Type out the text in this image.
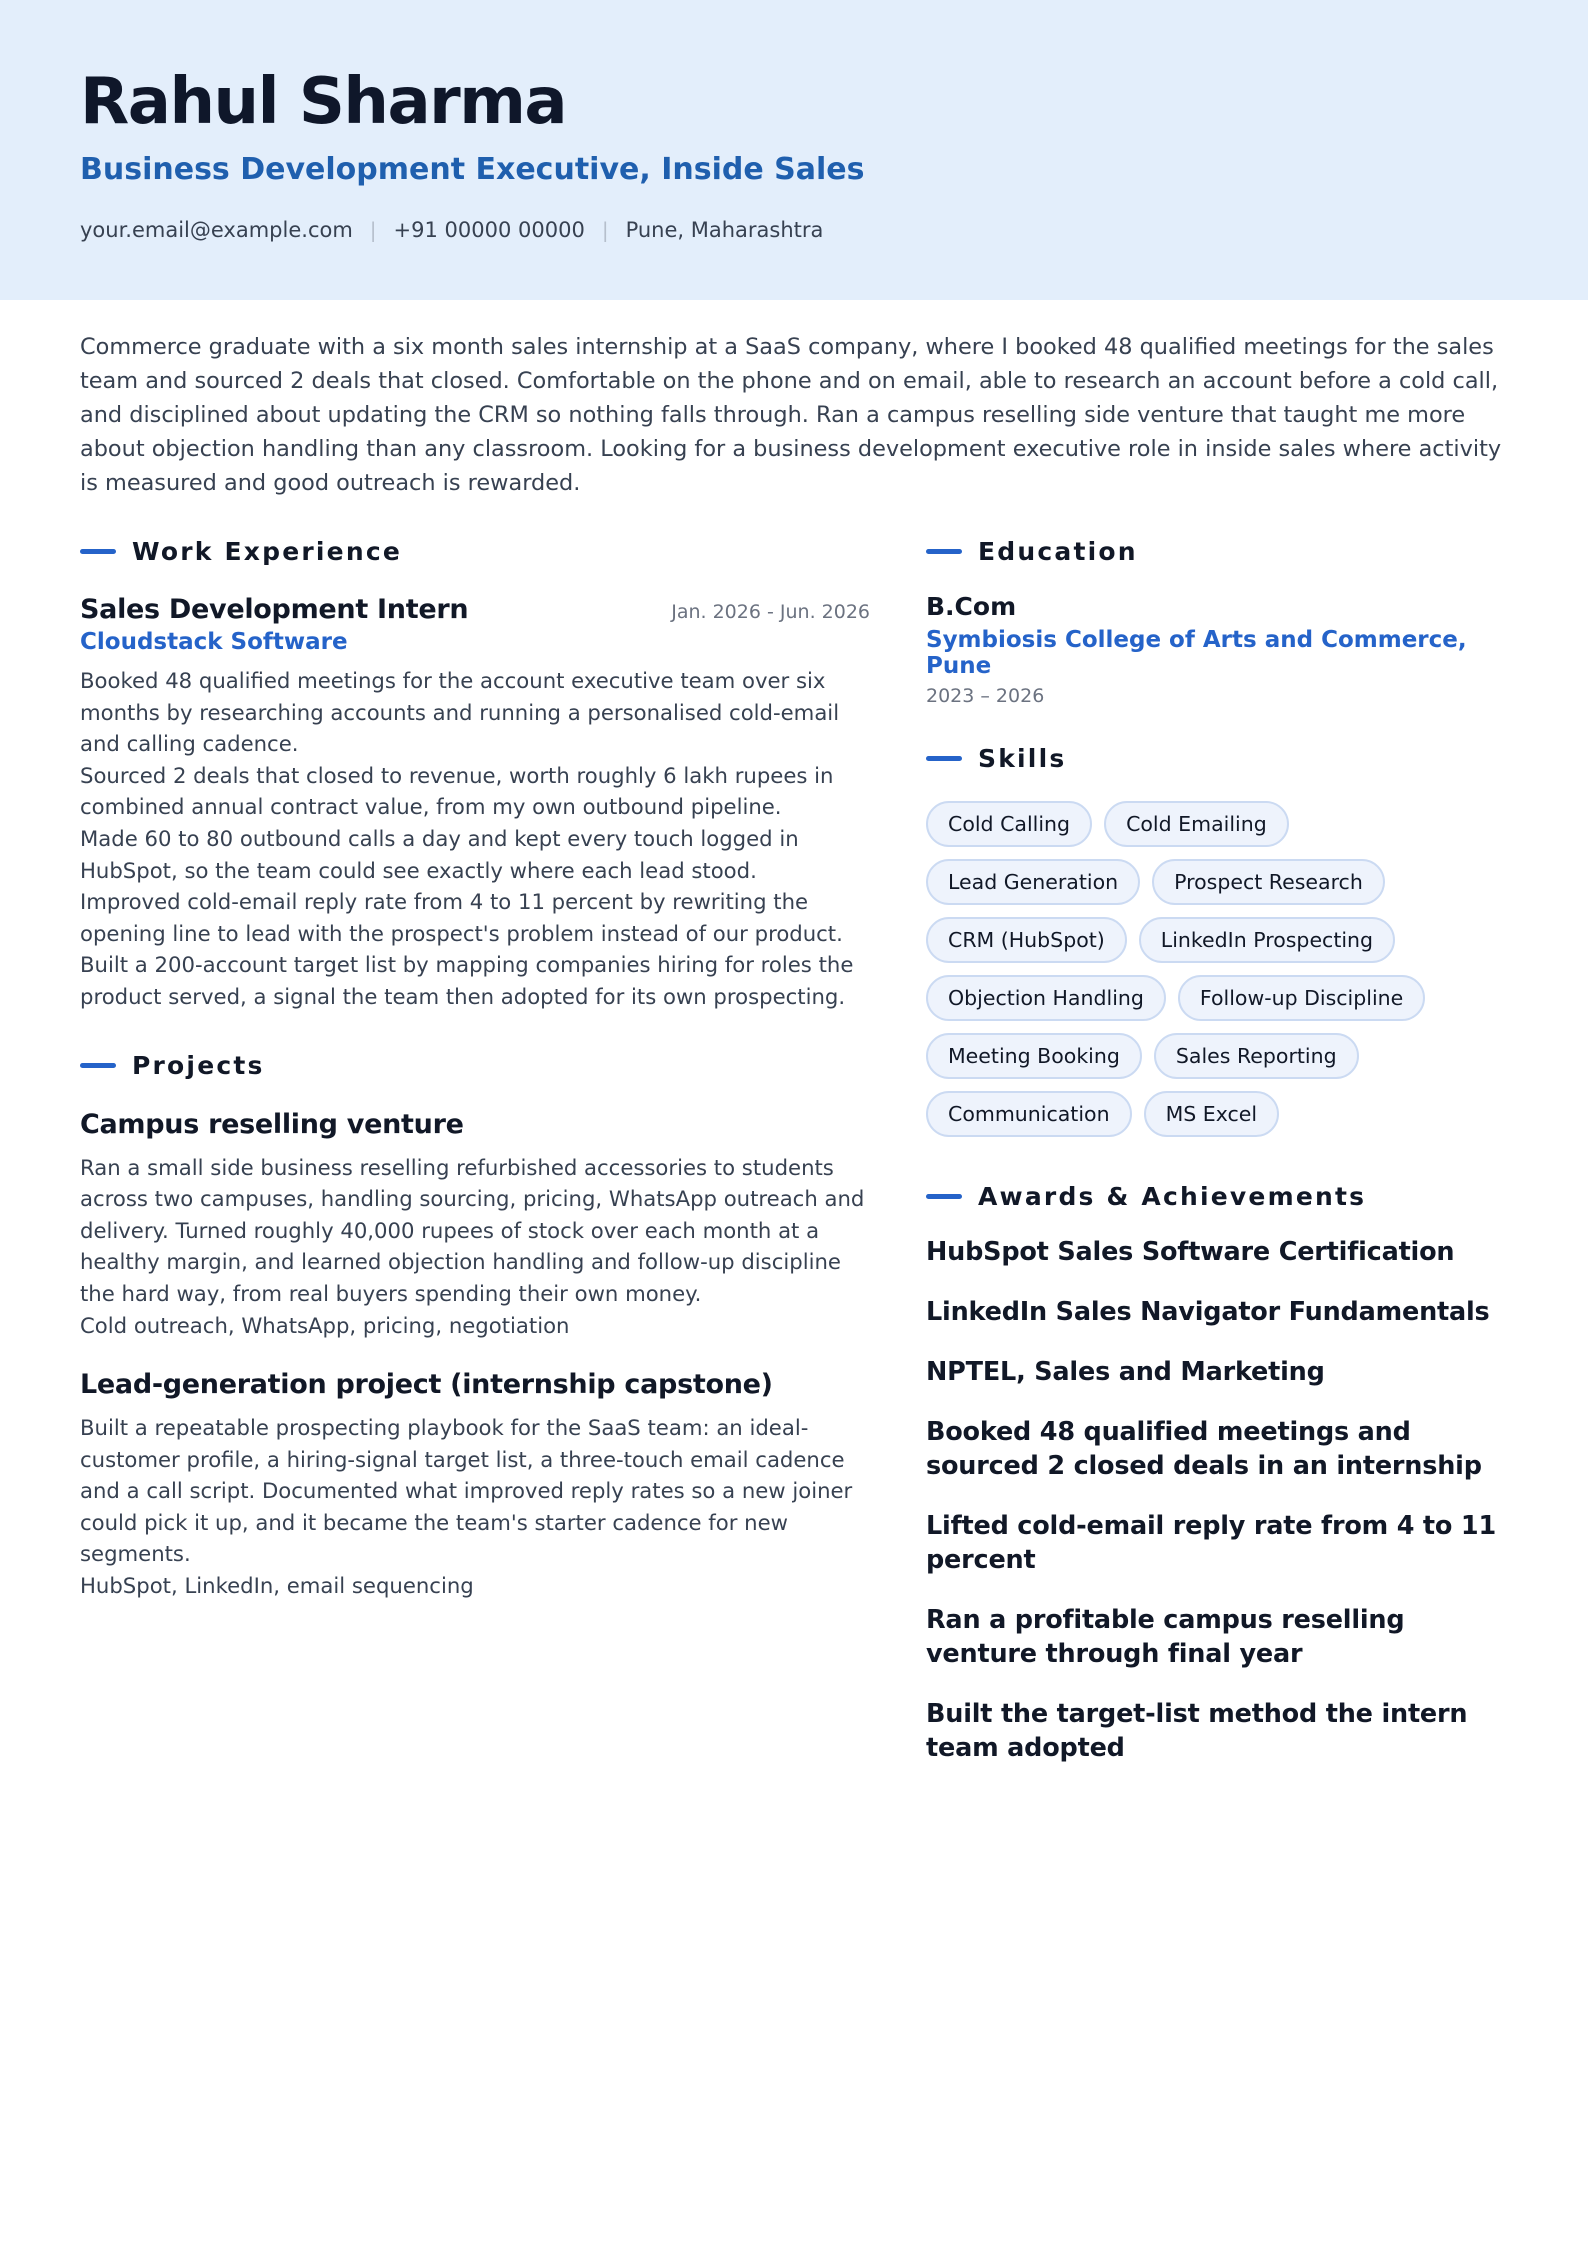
Rahul Sharma
Business Development Executive, Inside Sales
your.email@example.com | +91 00000 00000 | Pune, Maharashtra
Commerce graduate with a six month sales internship at a SaaS company, where I booked 48 qualified meetings for the sales team and sourced 2 deals that closed. Comfortable on the phone and on email, able to research an account before a cold call, and disciplined about updating the CRM so nothing falls through. Ran a campus reselling side venture that taught me more about objection handling than any classroom. Looking for a business development executive role in inside sales where activity is measured and good outreach is rewarded.
Work Experience
Sales Development Intern	Jan. 2026 - Jun. 2026
Cloudstack Software
Booked 48 qualified meetings for the account executive team over six months by researching accounts and running a personalised cold-email and calling cadence.
Sourced 2 deals that closed to revenue, worth roughly 6 lakh rupees in combined annual contract value, from my own outbound pipeline.
Made 60 to 80 outbound calls a day and kept every touch logged in HubSpot, so the team could see exactly where each lead stood.
Improved cold-email reply rate from 4 to 11 percent by rewriting the opening line to lead with the prospect's problem instead of our product.
Built a 200-account target list by mapping companies hiring for roles the product served, a signal the team then adopted for its own prospecting.
Projects
Campus reselling venture
Ran a small side business reselling refurbished accessories to students across two campuses, handling sourcing, pricing, WhatsApp outreach and delivery. Turned roughly 40,000 rupees of stock over each month at a healthy margin, and learned objection handling and follow-up discipline the hard way, from real buyers spending their own money.
Cold outreach, WhatsApp, pricing, negotiation
Lead-generation project (internship capstone)
Built a repeatable prospecting playbook for the SaaS team: an ideal-customer profile, a hiring-signal target list, a three-touch email cadence and a call script. Documented what improved reply rates so a new joiner could pick it up, and it became the team's starter cadence for new segments.
HubSpot, LinkedIn, email sequencing
Education
B.Com
Symbiosis College of Arts and Commerce, Pune
2023 – 2026
Skills
Cold Calling	Cold Emailing
Lead Generation	Prospect Research
CRM (HubSpot)	LinkedIn Prospecting
Objection Handling	Follow-up Discipline
Meeting Booking	Sales Reporting
Communication	MS Excel
Awards & Achievements
HubSpot Sales Software Certification
LinkedIn Sales Navigator Fundamentals
NPTEL, Sales and Marketing
Booked 48 qualified meetings and sourced 2 closed deals in an internship
Lifted cold-email reply rate from 4 to 11 percent
Ran a profitable campus reselling venture through final year
Built the target-list method the intern team adopted
